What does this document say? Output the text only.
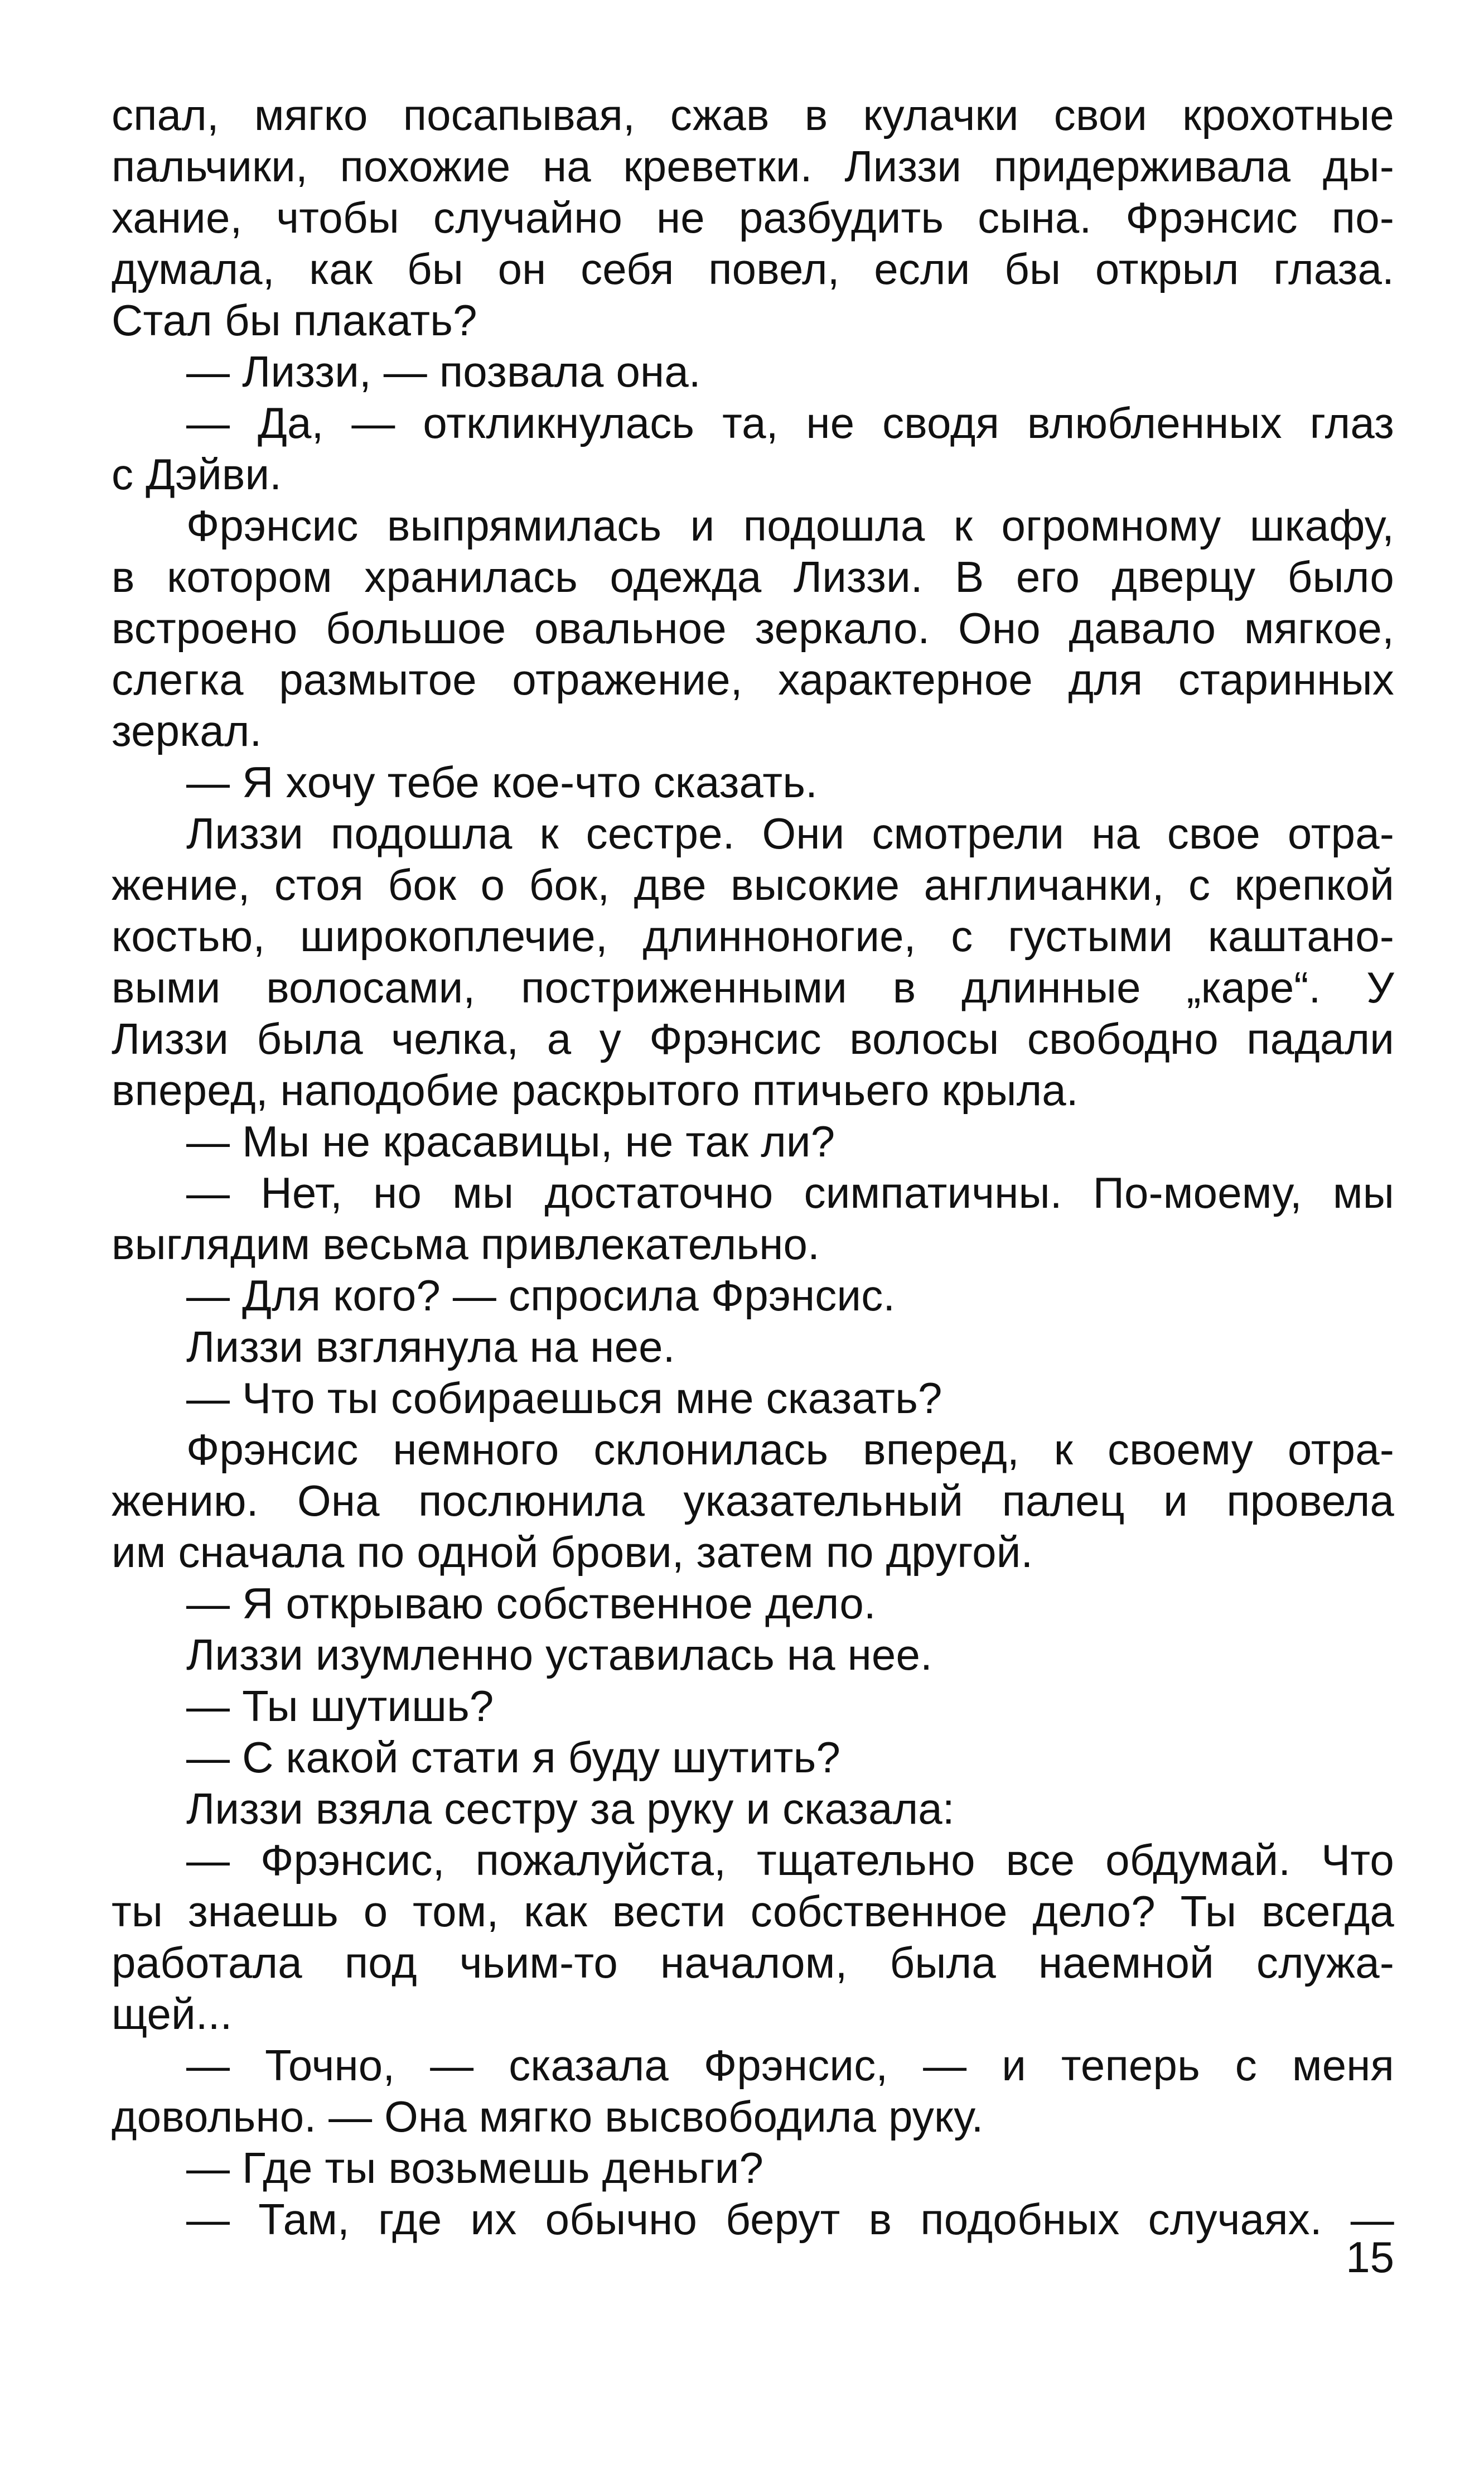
спал, мягко посапывая, сжав в кулачки свои крохотные
пальчики, похожие на креветки. Лиззи придерживала ды-
хание, чтобы случайно не разбудить сына. Фрэнсис по-
думала, как бы он себя повел, если бы открыл глаза.
Стал бы плакать?
— Лиззи, — позвала она.
— Да, — откликнулась та, не сводя влюбленных глаз
с Дэйви.
Фрэнсис выпрямилась и подошла к огромному шкафу,
в котором хранилась одежда Лиззи. В его дверцу было
встроено большое овальное зеркало. Оно давало мягкое,
слегка размытое отражение, характерное для старинных
зеркал.
— Я хочу тебе кое-что сказать.
Лиззи подошла к сестре. Они смотрели на свое отра-
жение, стоя бок о бок, две высокие англичанки, с крепкой
костью, широкоплечие, длинноногие, с густыми каштано-
выми волосами, постриженными в длинные „каре“. У
Лиззи была челка, а у Фрэнсис волосы свободно падали
вперед, наподобие раскрытого птичьего крыла.
— Мы не красавицы, не так ли?
— Нет, но мы достаточно симпатичны. По-моему, мы
выглядим весьма привлекательно.
— Для кого? — спросила Фрэнсис.
Лиззи взглянула на нее.
— Что ты собираешься мне сказать?
Фрэнсис немного склонилась вперед, к своему отра-
жению. Она послюнила указательный палец и провела
им сначала по одной брови, затем по другой.
— Я открываю собственное дело.
Лиззи изумленно уставилась на нее.
— Ты шутишь?
— С какой стати я буду шутить?
Лиззи взяла сестру за руку и сказала:
— Фрэнсис, пожалуйста, тщательно все обдумай. Что
ты знаешь о том, как вести собственное дело? Ты всегда
работала под чьим-то началом, была наемной служа-
щей...
— Точно, — сказала Фрэнсис, — и теперь с меня
довольно. — Она мягко высвободила руку.
— Где ты возьмешь деньги?
— Там, где их обычно берут в подобных случаях. —
15
